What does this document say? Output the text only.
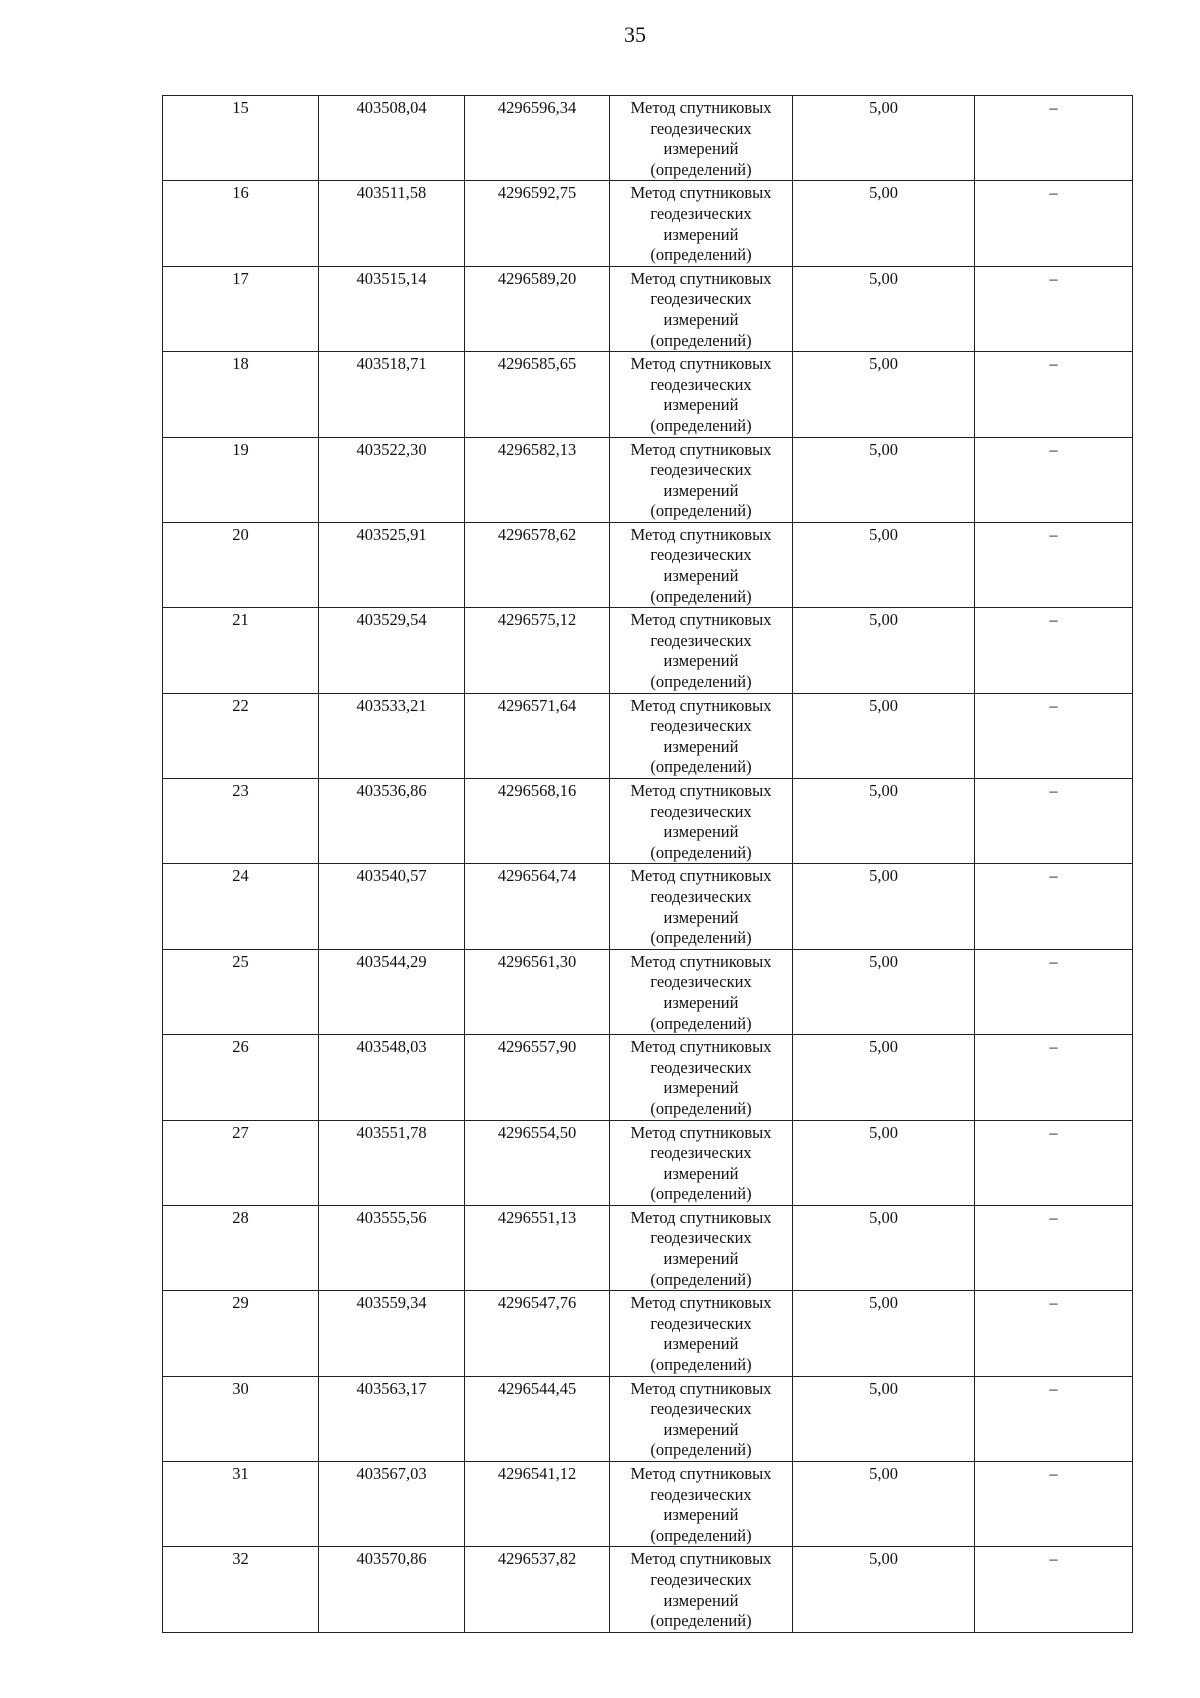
35
15	403508,04	4296596,34	Метод спутниковых геодезических измерений (определений)	5,00	–
16	403511,58	4296592,75	Метод спутниковых геодезических измерений (определений)	5,00	–
17	403515,14	4296589,20	Метод спутниковых геодезических измерений (определений)	5,00	–
18	403518,71	4296585,65	Метод спутниковых геодезических измерений (определений)	5,00	–
19	403522,30	4296582,13	Метод спутниковых геодезических измерений (определений)	5,00	–
20	403525,91	4296578,62	Метод спутниковых геодезических измерений (определений)	5,00	–
21	403529,54	4296575,12	Метод спутниковых геодезических измерений (определений)	5,00	–
22	403533,21	4296571,64	Метод спутниковых геодезических измерений (определений)	5,00	–
23	403536,86	4296568,16	Метод спутниковых геодезических измерений (определений)	5,00	–
24	403540,57	4296564,74	Метод спутниковых геодезических измерений (определений)	5,00	–
25	403544,29	4296561,30	Метод спутниковых геодезических измерений (определений)	5,00	–
26	403548,03	4296557,90	Метод спутниковых геодезических измерений (определений)	5,00	–
27	403551,78	4296554,50	Метод спутниковых геодезических измерений (определений)	5,00	–
28	403555,56	4296551,13	Метод спутниковых геодезических измерений (определений)	5,00	–
29	403559,34	4296547,76	Метод спутниковых геодезических измерений (определений)	5,00	–
30	403563,17	4296544,45	Метод спутниковых геодезических измерений (определений)	5,00	–
31	403567,03	4296541,12	Метод спутниковых геодезических измерений (определений)	5,00	–
32	403570,86	4296537,82	Метод спутниковых геодезических измерений (определений)	5,00	–
